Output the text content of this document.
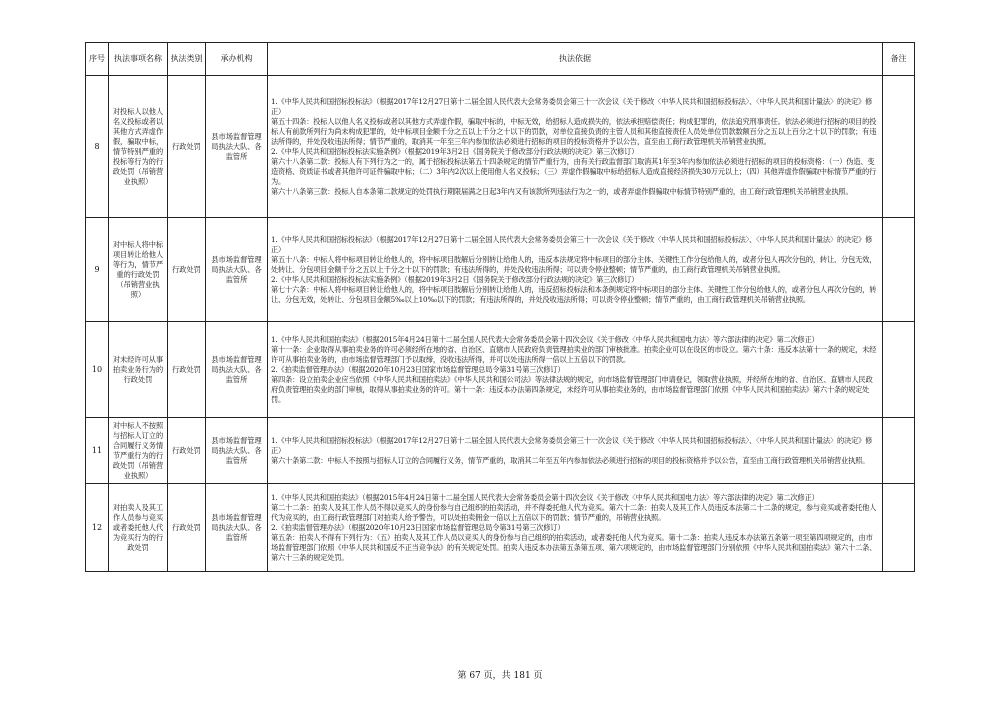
序号	执法事项名称	执法类别	承办机构	执法依据	备注
8	对投标人以他人名义投标或者以其他方式弄虚作假，骗取中标，情节特别严重的投标等行为的行政处罚（吊销营业执照）	行政处罚	县市场监督管理局执法大队、各监管所	1.《中华人民共和国招标投标法》（根据2017年12月27日第十二届全国人民代表大会常务委员会第三十一次会议《关于修改〈中华人民共和国招标投标法〉、〈中华人民共和国计量法〉的决定》修正）

第五十四条：投标人以他人名义投标或者以其他方式弄虚作假，骗取中标的，中标无效，给招标人造成损失的，依法承担赔偿责任；构成犯罪的，依法追究刑事责任。依法必须进行招标的项目的投标人有前款所列行为尚未构成犯罪的，处中标项目金额千分之五以上千分之十以下的罚款，对单位直接负责的主管人员和其他直接责任人员处单位罚款数额百分之五以上百分之十以下的罚款；有违法所得的，并处没收违法所得；情节严重的，取消其一年至三年内参加依法必须进行招标的项目的投标资格并予以公告，直至由工商行政管理机关吊销营业执照。

2.《中华人民共和国招标投标法实施条例》（根据2019年3月2日《国务院关于修改部分行政法规的决定》第三次修订）

第六十八条第二款：投标人有下列行为之一的，属于招标投标法第五十四条规定的情节严重行为，由有关行政监督部门取消其1年至3年内参加依法必须进行招标的项目的投标资格：（一）伪造、变造资格、资质证书或者其他许可证件骗取中标；（二）3年内2次以上使用他人名义投标；（三）弄虚作假骗取中标给招标人造成直接经济损失30万元以上；（四）其他弄虚作假骗取中标情节严重的行为。

第六十八条第三款：投标人自本条第二款规定的处罚执行期限届满之日起3年内又有该款所列违法行为之一的，或者弄虚作假骗取中标情节特别严重的，由工商行政管理机关吊销营业执照。	

9	对中标人将中标项目转让给他人等行为，情节严重的行政处罚（吊销营业执照）	行政处罚	县市场监督管理局执法大队、各监管所	1.《中华人民共和国招标投标法》（根据2017年12月27日第十二届全国人民代表大会常务委员会第三十一次会议《关于修改〈中华人民共和国招标投标法〉、〈中华人民共和国计量法〉的决定》修正）

第五十八条：中标人将中标项目转让给他人的，将中标项目肢解后分别转让给他人的，违反本法规定将中标项目的部分主体、关键性工作分包给他人的，或者分包人再次分包的，转让、分包无效，处转让、分包项目金额千分之五以上千分之十以下的罚款；有违法所得的，并处没收违法所得；可以责令停业整顿；情节严重的，由工商行政管理机关吊销营业执照。

2.《中华人民共和国招标投标法实施条例》（根据2019年3月2日《国务院关于修改部分行政法规的决定》第三次修订）

第七十六条：中标人将中标项目转让给他人的，将中标项目肢解后分别转让给他人的，违反招标投标法和本条例规定将中标项目的部分主体、关键性工作分包给他人的，或者分包人再次分包的，转让、分包无效，处转让、分包项目金额5‰以上10‰以下的罚款；有违法所得的，并处没收违法所得；可以责令停业整顿；情节严重的，由工商行政管理机关吊销营业执照。	

10	对未经许可从事拍卖业务行为的行政处罚	行政处罚	县市场监督管理局执法大队、各监管所	1.《中华人民共和国拍卖法》（根据2015年4月24日第十二届全国人民代表大会常务委员会第十四次会议《关于修改〈中华人民共和国电力法〉等六部法律的决定》第二次修正）

第十一条：企业取得从事拍卖业务的许可必须经所在地的省、自治区、直辖市人民政府负责管理拍卖业的部门审核批准。拍卖企业可以在设区的市设立。第六十条：违反本法第十一条的规定，未经许可从事拍卖业务的，由市场监督管理部门予以取缔，没收违法所得，并可以处违法所得一倍以上五倍以下的罚款。

2.《拍卖监督管理办法》（根据2020年10月23日国家市场监督管理总局令第31号第三次修订）

第四条：设立拍卖企业应当依照《中华人民共和国拍卖法》《中华人民共和国公司法》等法律法规的规定，向市场监督管理部门申请登记，领取营业执照，并经所在地的省、自治区、直辖市人民政府负责管理拍卖业的部门审核，取得从事拍卖业务的许可。第十一条：违反本办法第四条规定，未经许可从事拍卖业务的，由市场监督管理部门依照《中华人民共和国拍卖法》第六十条的规定处罚。	

11	对中标人不按照与招标人订立的合同履行义务情节严重行为的行政处罚（吊销营业执照）	行政处罚	县市场监督管理局执法大队、各监管所	1.《中华人民共和国招标投标法》（根据2017年12月27日第十二届全国人民代表大会常务委员会第三十一次会议《关于修改〈中华人民共和国招标投标法〉、〈中华人民共和国计量法〉的决定》修正）

第六十条第二款：中标人不按照与招标人订立的合同履行义务，情节严重的，取消其二年至五年内参加依法必须进行招标的项目的投标资格并予以公告，直至由工商行政管理机关吊销营业执照。	

12	对拍卖人及其工作人员参与竞买或者委托他人代为竞买行为的行政处罚	行政处罚	县市场监督管理局执法大队、各监管所	1.《中华人民共和国拍卖法》（根据2015年4月24日第十二届全国人民代表大会常务委员会第十四次会议《关于修改〈中华人民共和国电力法〉等六部法律的决定》第二次修正）

第二十二条：拍卖人及其工作人员不得以竞买人的身份参与自己组织的拍卖活动，并不得委托他人代为竞买。第六十二条：拍卖人及其工作人员违反本法第二十二条的规定，参与竞买或者委托他人代为竞买的，由工商行政管理部门对拍卖人给予警告，可以处拍卖佣金一倍以上五倍以下的罚款；情节严重的，吊销营业执照。

2.《拍卖监督管理办法》（根据2020年10月23日国家市场监督管理总局令第31号第三次修订）

第五条：拍卖人不得有下列行为：（五）拍卖人及其工作人员以竞买人的身份参与自己组织的拍卖活动，或者委托他人代为竞买。第十二条：拍卖人违反本办法第五条第一项至第四项规定的，由市场监督管理部门依照《中华人民共和国反不正当竞争法》的有关规定处罚。拍卖人违反本办法第五条第五项、第六项规定的，由市场监督管理部门分别依照《中华人民共和国拍卖法》第六十二条、第六十三条的规定处罚。	

第 67 页，共 181 页
